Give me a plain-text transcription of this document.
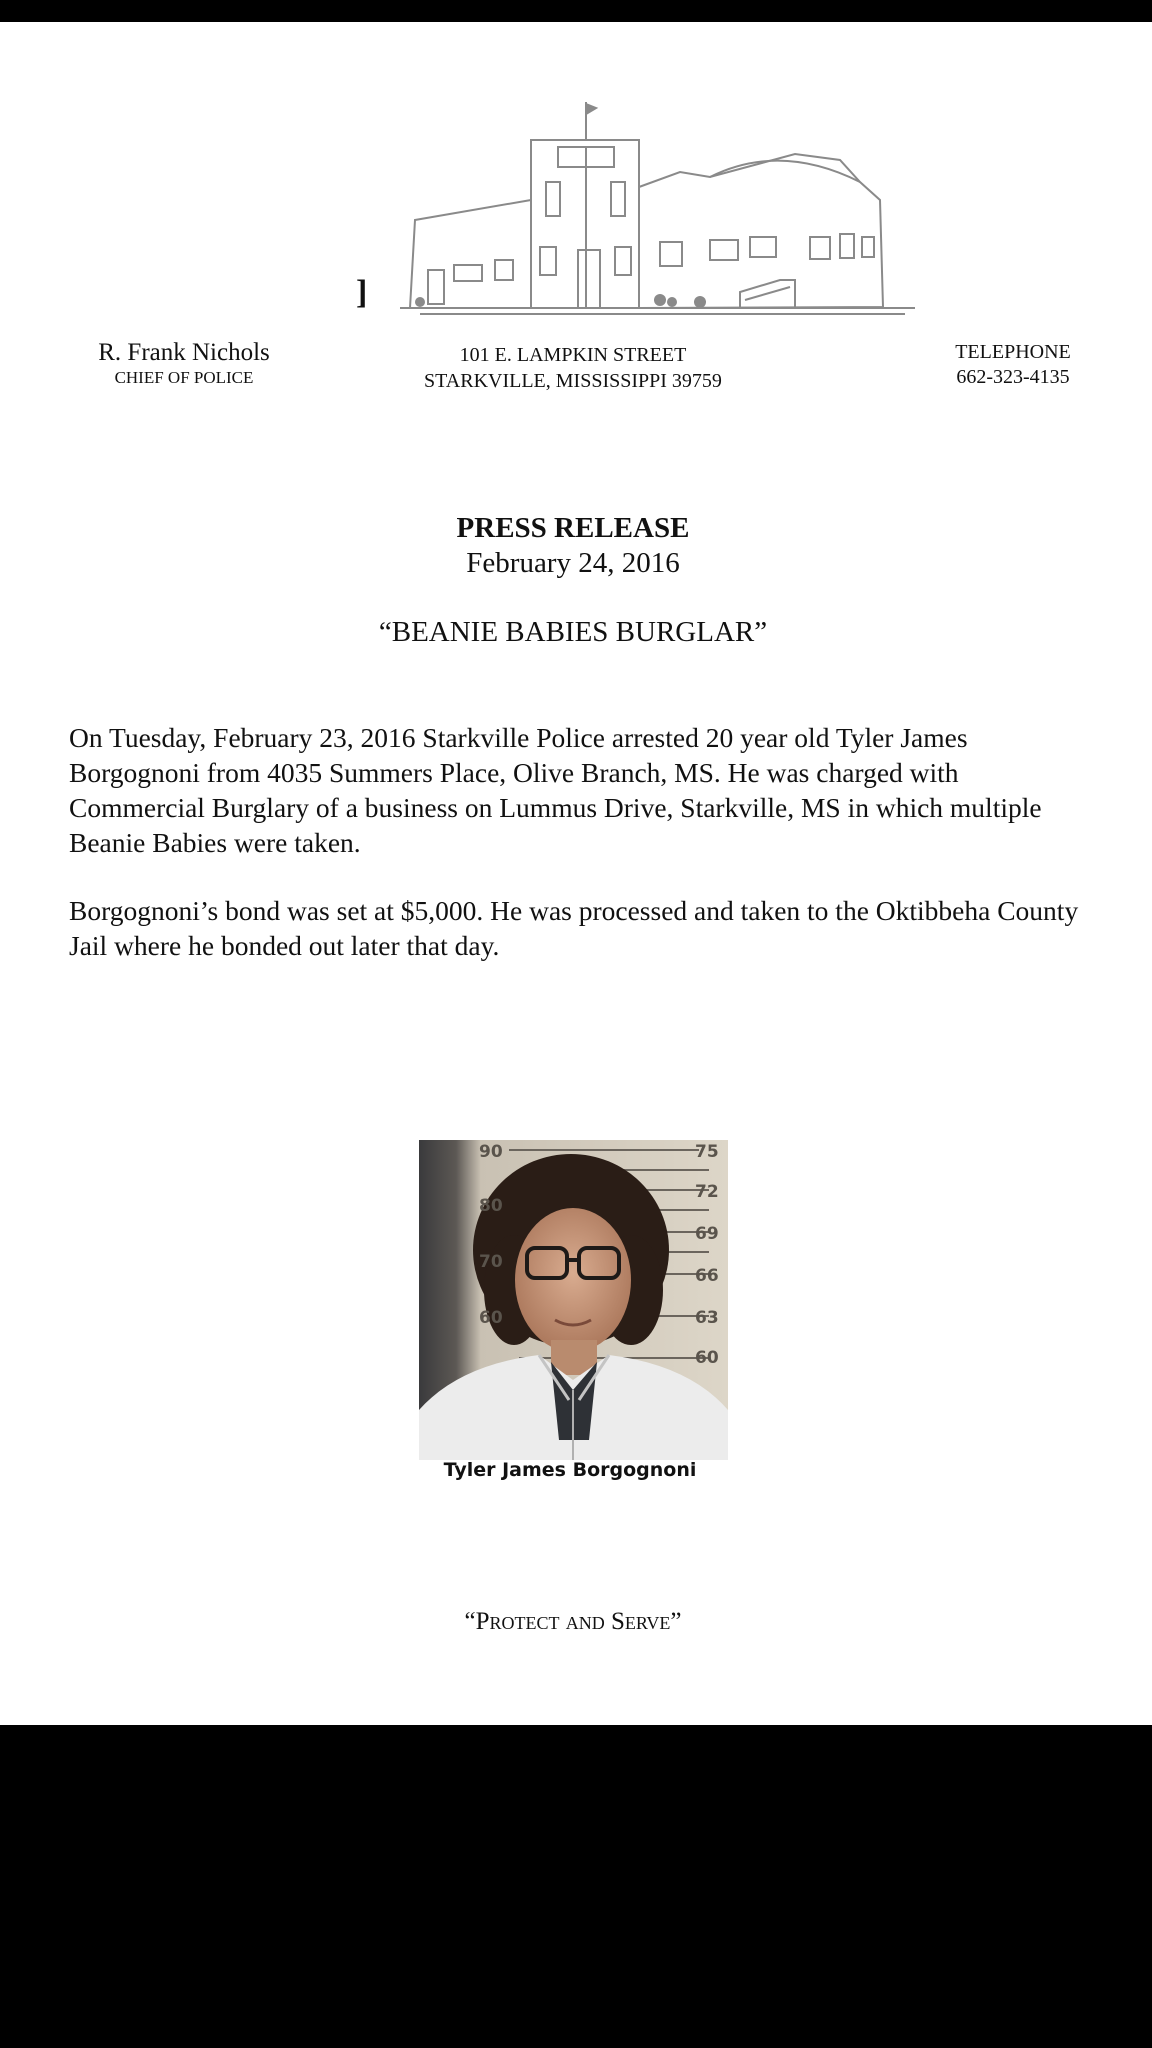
]
R. Frank Nichols
CHIEF OF POLICE
101 E. LAMPKIN STREET
STARKVILLE, MISSISSIPPI 39759
TELEPHONE
662-323-4135
PRESS RELEASE
February 24, 2016
“BEANIE BABIES BURGLAR”

On Tuesday, February 23, 2016 Starkville Police arrested 20 year old Tyler James Borgognoni from 4035 Summers Place, Olive Branch, MS. He was charged with Commercial Burglary of a business on Lummus Drive, Starkville, MS in which multiple Beanie Babies were taken.

Borgognoni’s bond was set at $5,000. He was processed and taken to the Oktibbeha County Jail where he bonded out later that day.

90
80
70
60
75
72
69
66
63
60
Tyler James Borgognoni
“Protect and Serve”
